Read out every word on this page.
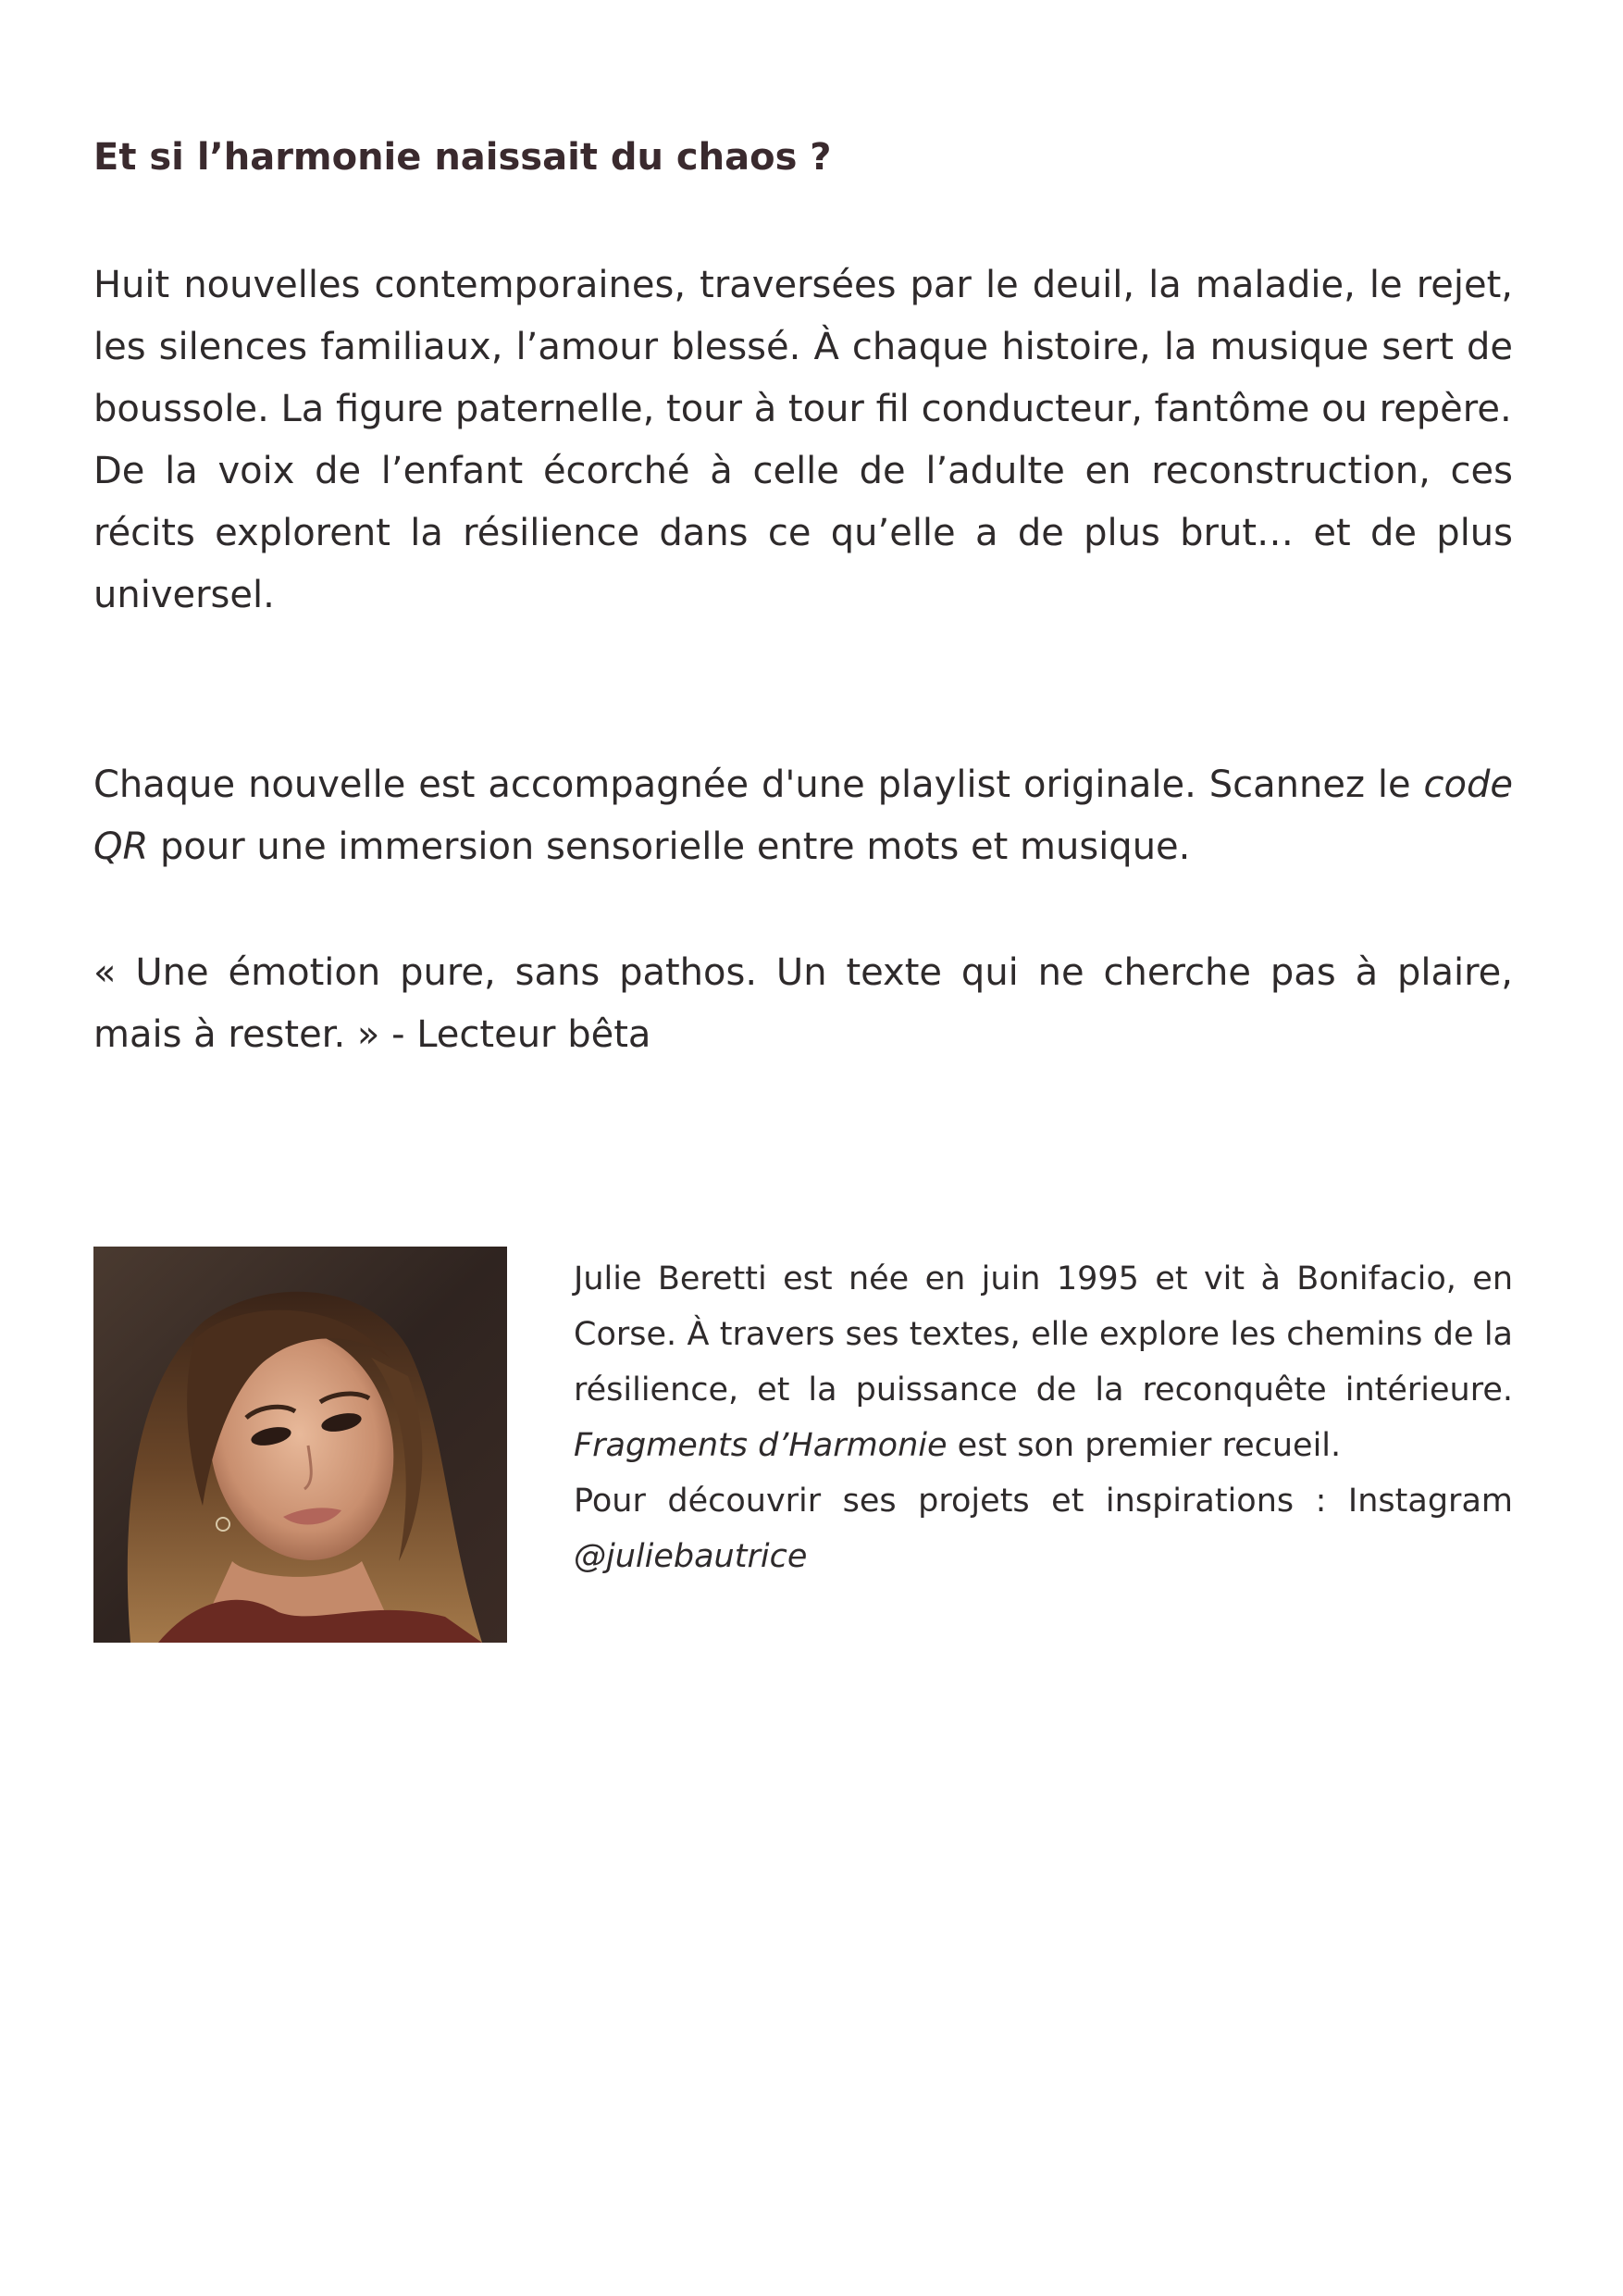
Et si l’harmonie naissait du chaos ?

Huit nouvelles contemporaines, traversées par le deuil, la maladie, le rejet, les silences familiaux, l’amour blessé. À chaque histoire, la musique sert de boussole. La figure paternelle, tour à tour fil conducteur, fantôme ou repère.
De la voix de l’enfant écorché à celle de l’adulte en reconstruction, ces récits explorent la résilience dans ce qu’elle a de plus brut… et de plus universel.

Chaque nouvelle est accompagnée d'une playlist originale. Scannez le code QR pour une immersion sensorielle entre mots et musique.

« Une émotion pure, sans pathos. Un texte qui ne cherche pas à plaire, mais à rester. » - Lecteur bêta

Julie Beretti est née en juin 1995 et vit à Bonifacio, en Corse. À travers ses textes, elle explore les chemins de la résilience, et la puissance de la reconquête intérieure. Fragments d’Harmonie est son premier recueil.
Pour découvrir ses projets et inspirations : Instagram @juliebautrice
